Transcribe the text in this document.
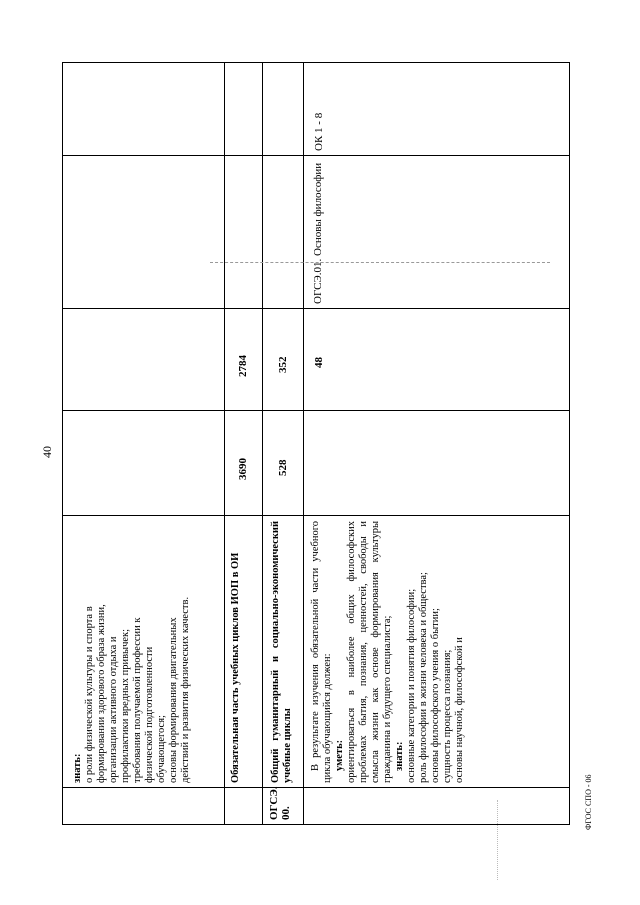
40
ФГОС СПО - 06

знать: о роли физической культуры и спорта в формировании здорового образа жизни, организации активного отдыха и профилактики вредных привычек; требования получаемой профессии к физической подготовленности обучающегося; основы формирования двигательных действий и развития физических качеств.	Обязательная часть учебных циклов ИОП в ОИ

3690
2784

ОГСЭ. 00.

Общий гуманитарный и социально-экономический учебные циклы

528
352

В результате изучения обязательной части учебного цикла обучающийся должен: уметь: ориентироваться в наиболее общих философских проблемах бытия, познания, ценностей, свободы и смысла жизни как основе формирования культуры гражданина и будущего специалиста; знать: основные категории и понятия философии; роль философии в жизни человека и общества; основы философского учения о бытии; сущность процесса познания; основы научной, философской и

48

ОГСЭ.01. Основы философии

ОК 1 - 8
